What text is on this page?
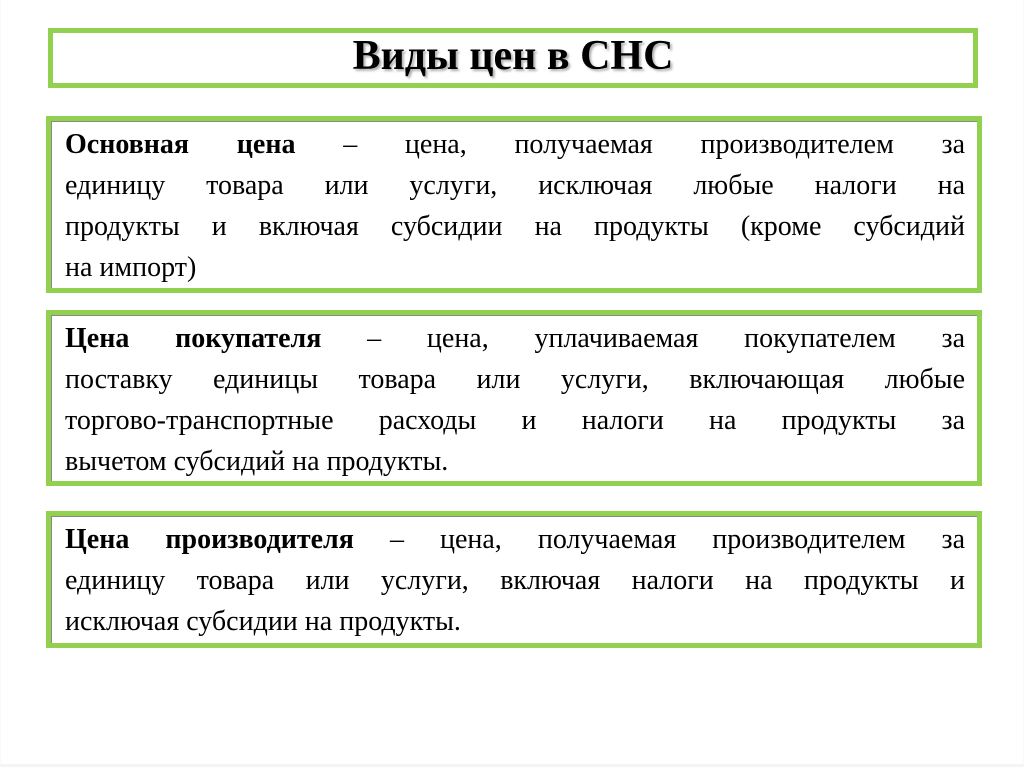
Виды цен в СНС
Основная цена – цена, получаемая производителем за
единицу товара или услуги, исключая любые налоги на
продукты и включая субсидии на продукты (кроме субсидий
на импорт)
Цена покупателя – цена, уплачиваемая покупателем за
поставку единицы товара или услуги, включающая любые
торгово-транспортные расходы и налоги на продукты за
вычетом субсидий на продукты.
Цена производителя – цена, получаемая производителем за
единицу товара или услуги, включая налоги на продукты и
исключая субсидии на продукты.
